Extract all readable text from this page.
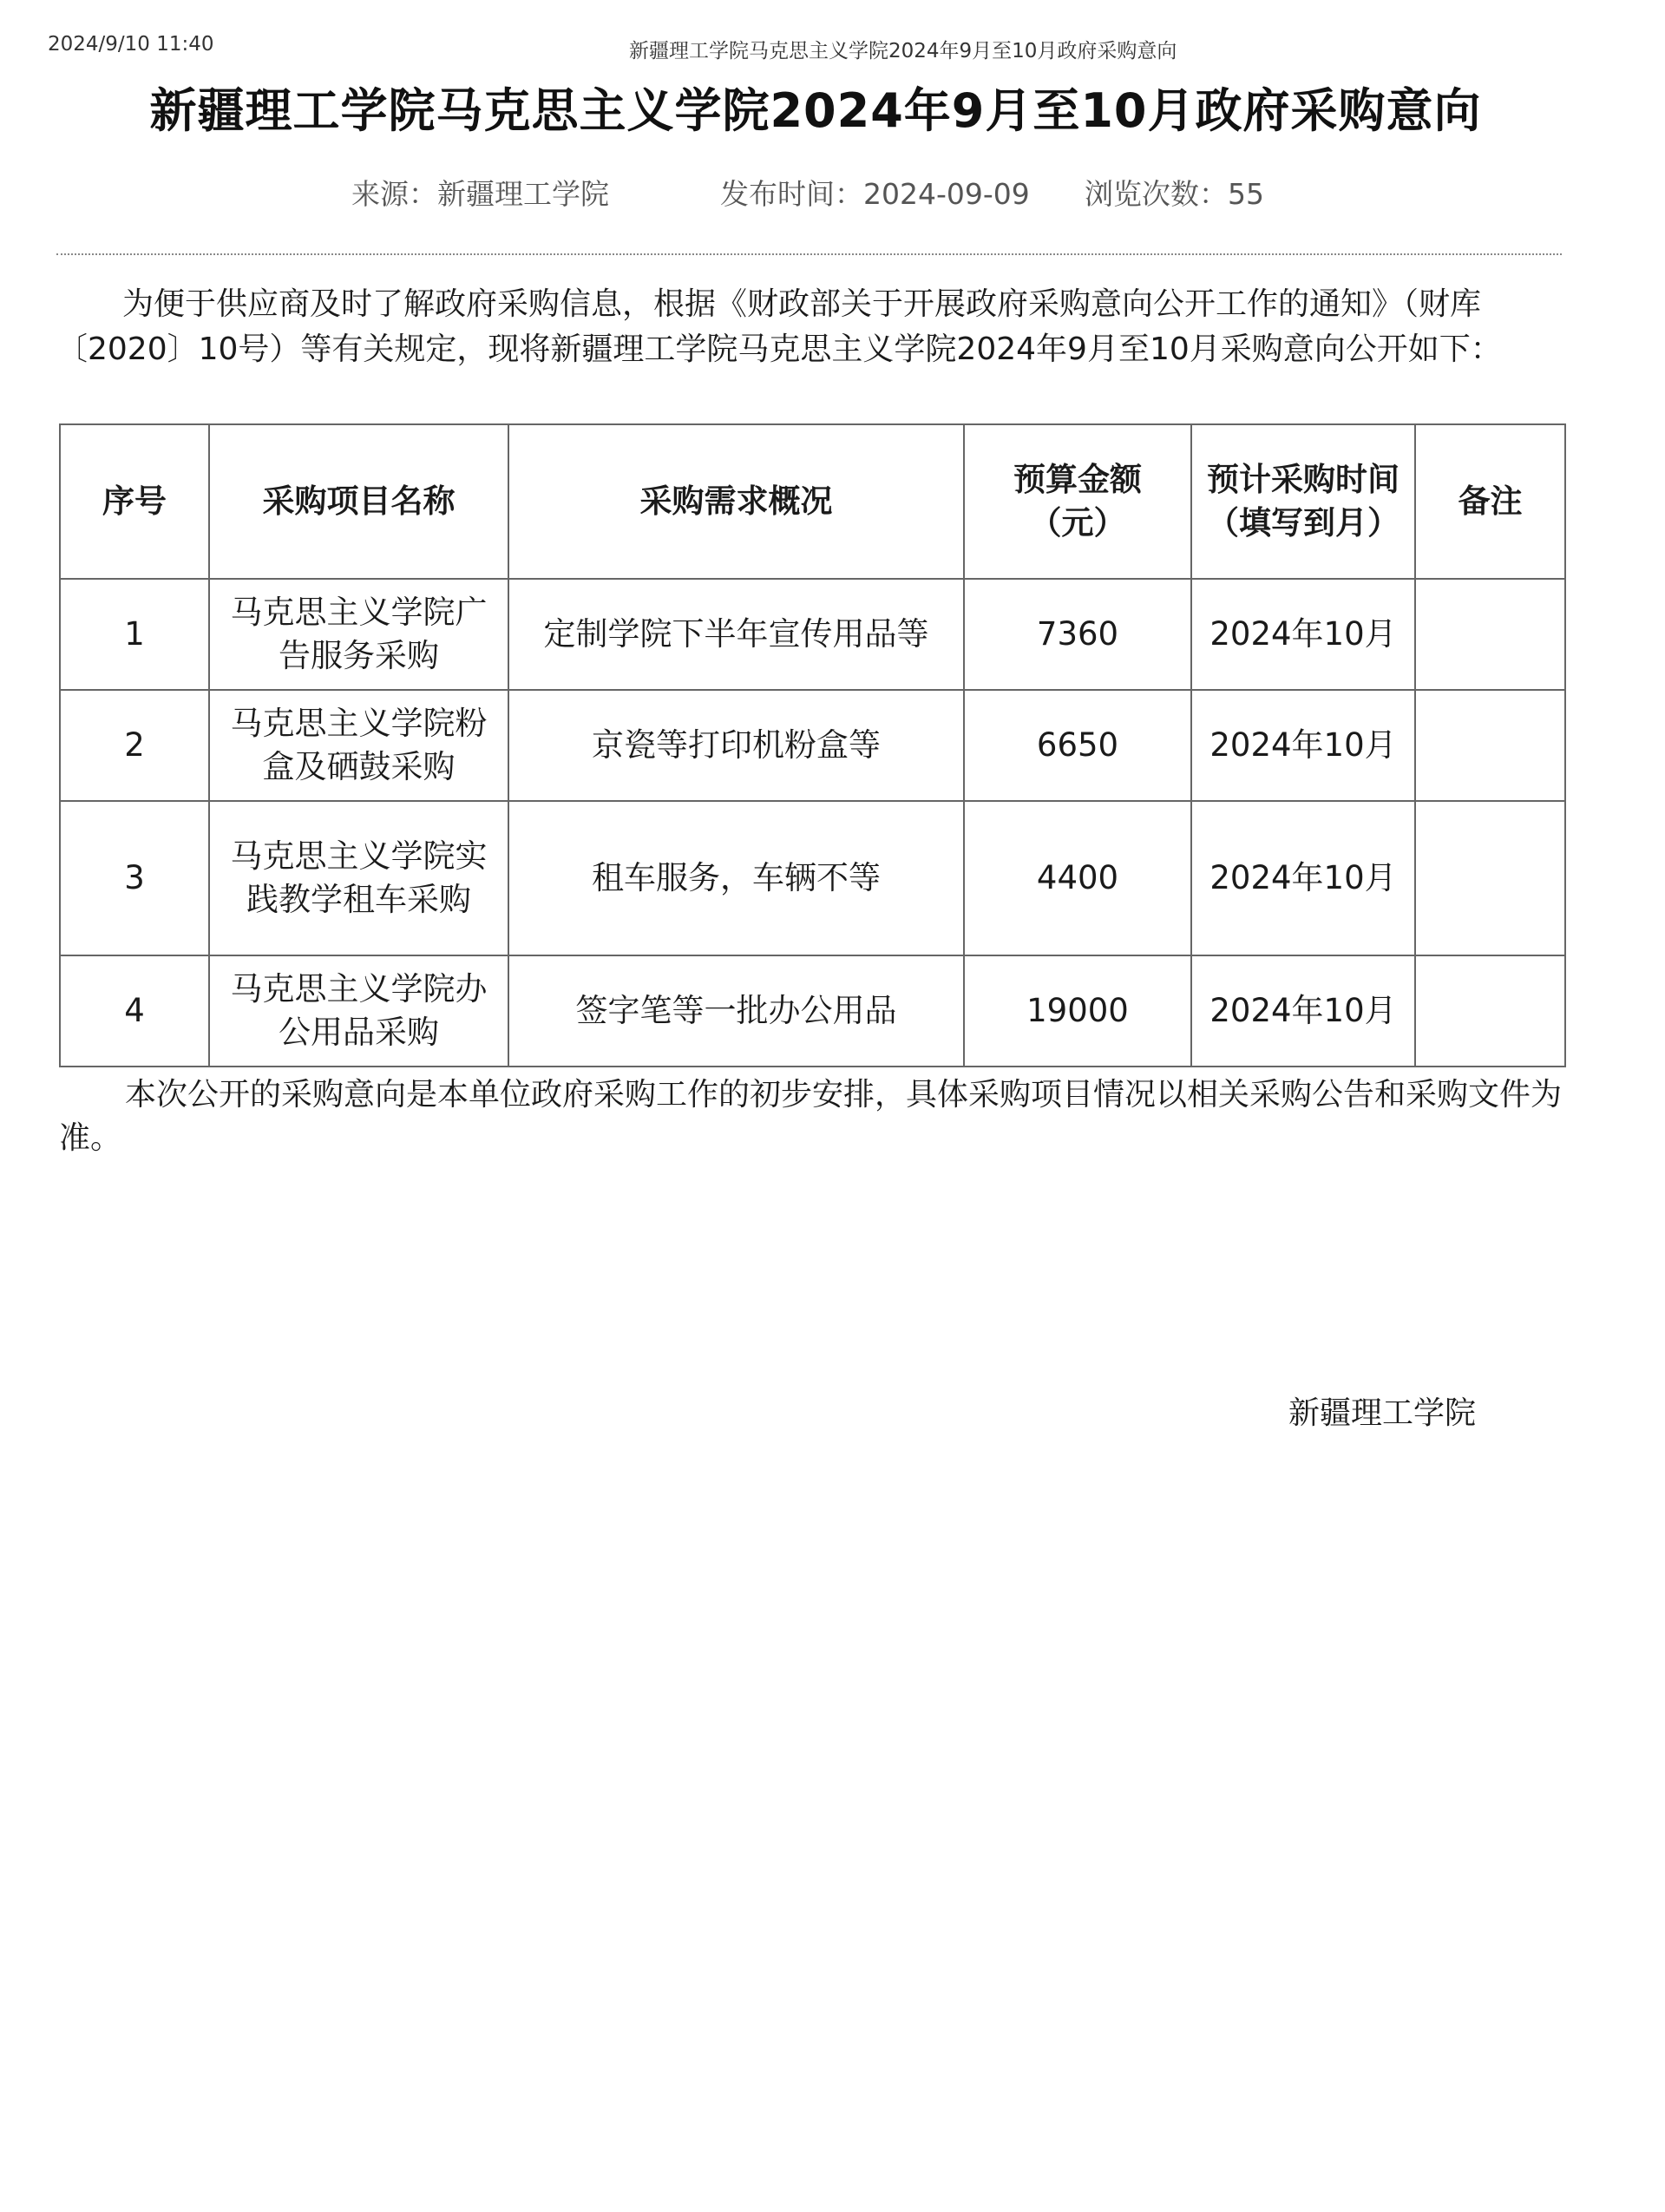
2024/9/10 11:40	新疆理工学院马克思主义学院2024年9月至10月政府采购意向
新疆理工学院马克思主义学院2024年9月至10月政府采购意向
来源：新疆理工学院	发布时间：2024-09-09 浏览次数：55
为便于供应商及时了解政府采购信息，根据《财政部关于开展政府采购意向公开工作的通知》（财库〔2020〕10号）等有关规定，现将新疆理工学院马克思主义学院2024年9月至10月采购意向公开如下：
序号	采购项目名称	采购需求概况	预算金额（元）	预计采购时间（填写到月）	备注
1	马克思主义学院广告服务采购	定制学院下半年宣传用品等	7360	2024年10月	
2	马克思主义学院粉盒及硒鼓采购	京瓷等打印机粉盒等	6650	2024年10月	
3	马克思主义学院实践教学租车采购	租车服务，车辆不等	4400	2024年10月	
4	马克思主义学院办公用品采购	签字笔等一批办公用品	19000	2024年10月	
本次公开的采购意向是本单位政府采购工作的初步安排，具体采购项目情况以相关采购公告和采购文件为准。
新疆理工学院
